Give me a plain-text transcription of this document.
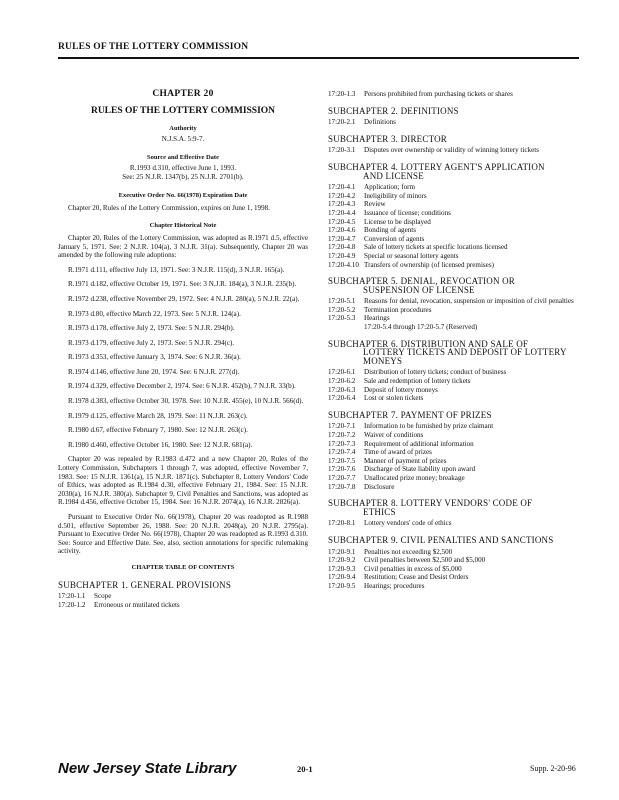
RULES OF THE LOTTERY COMMISSION
CHAPTER 20
RULES OF THE LOTTERY COMMISSION
Authority
N.J.S.A. 5:9-7.
Source and Effective Date
R.1993 d.310, effective June 1, 1993.
See: 25 N.J.R. 1347(b), 25 N.J.R. 2701(b).
Executive Order No. 66(1978) Expiration Date

Chapter 20, Rules of the Lottery Commission, expires on June 1, 1998.

Chapter Historical Note

Chapter 20, Rules of the Lottery Commission, was adopted as R.1971 d.5, effective January 5, 1971. See: 2 N.J.R. 104(a), 3 N.J.R. 31(a). Subsequently, Chapter 20 was amended by the following rule adoptions:

R.1971 d.111, effective July 13, 1971. See: 3 N.J.R. 115(d), 3 N.J.R. 165(a).

R.1971 d.182, effective October 19, 1971. See: 3 N.J.R. 184(a), 3 N.J.R. 235(b).

R.1972 d.238, effective November 29, 1972. See: 4 N.J.R. 280(a), 5 N.J.R. 22(a).

R.1973 d.80, effective March 22, 1973. See: 5 N.J.R. 124(a).

R.1973 d.178, effective July 2, 1973. See: 5 N.J.R. 294(b).

R.1973 d.179, effective July 2, 1973. See: 5 N.J.R. 294(c).

R.1973 d.353, effective January 3, 1974. See: 6 N.J.R. 36(a).

R.1974 d.146, effective June 20, 1974. See: 6 N.J.R. 277(d).

R.1974 d.329, effective December 2, 1974. See: 6 N.J.R. 452(b), 7 N.J.R. 33(b).

R.1978 d.383, effective October 30, 1978. See: 10 N.J.R. 455(e), 10 N.J.R. 566(d).

R.1979 d.125, effective March 28, 1979. See: 11 N.J.R. 263(c).

R.1980 d.67, effective February 7, 1980. See: 12 N.J.R. 263(c).

R.1980 d.460, effective October 16, 1980. See: 12 N.J.R. 681(a).

Chapter 20 was repealed by R.1983 d.472 and a new Chapter 20, Rules of the Lottery Commission, Subchapters 1 through 7, was adopted, effective November 7, 1983. See: 15 N.J.R. 1361(a), 15 N.J.R. 1871(c). Subchapter 8, Lottery Vendors' Code of Ethics, was adopted as R.1984 d.30, effective February 21, 1984. See: 15 N.J.R. 2030(a), 16 N.J.R. 380(a). Subchapter 9, Civil Penalties and Sanctions, was adopted as R.1984 d.456, effective October 15, 1984. See: 16 N.J.R. 2074(a), 16 N.J.R. 2826(a).

Pursuant to Executive Order No. 66(1978), Chapter 20 was readopted as R.1988 d.501, effective September 26, 1988. See: 20 N.J.R. 2048(a), 20 N.J.R. 2795(a). Pursuant to Executive Order No. 66(1978), Chapter 20 was readopted as R.1993 d.310. See: Source and Effective Date. See, also, section annotations for specific rulemaking activity.

CHAPTER TABLE OF CONTENTS
SUBCHAPTER 1. GENERAL PROVISIONS
17:20-1.1	Scope
17:20-1.2	Erroneous or mutilated tickets
17:20-1.3	Persons prohibited from purchasing tickets or shares
SUBCHAPTER 2. DEFINITIONS
17:20-2.1	Definitions
SUBCHAPTER 3. DIRECTOR
17:20-3.1	Disputes over ownership or validity of winning lottery tickets
SUBCHAPTER 4. LOTTERY AGENT'S APPLICATION
AND LICENSE
17:20-4.1	Application; form
17:20-4.2	Ineligibility of minors
17:20-4.3	Review
17:20-4.4	Issuance of license; conditions
17:20-4.5	License to be displayed
17:20-4.6	Bonding of agents
17:20-4.7	Conversion of agents
17:20-4.8	Sale of lottery tickets at specific locations licensed
17:20-4.9	Special or seasonal lottery agents
17:20-4.10 Transfers of ownership (of licensed premises)
SUBCHAPTER 5. DENIAL, REVOCATION OR
SUSPENSION OF LICENSE
17:20-5.1	Reasons for denial, revocation, suspension or imposition of civil penalties
17:20-5.2	Termination procedures
17:20-5.3	Hearings
17:20-5.4 through 17:20-5.7 (Reserved)
SUBCHAPTER 6. DISTRIBUTION AND SALE OF
LOTTERY TICKETS AND DEPOSIT OF LOTTERY MONEYS
17:20-6.1	Distribution of lottery tickets; conduct of business
17:20-6.2	Sale and redemption of lottery tickets
17:20-6.3	Deposit of lottery moneys
17:20-6.4	Lost or stolen tickets
SUBCHAPTER 7. PAYMENT OF PRIZES
17:20-7.1	Information to be furnished by prize claimant
17:20-7.2	Waiver of conditions
17:20-7.3	Requirement of additional information
17:20-7.4	Time of award of prizes
17:20-7.5	Manner of payment of prizes
17:20-7.6	Discharge of State liability upon award
17:20-7.7	Unallocated prize money; breakage
17:20-7.8	Disclosure
SUBCHAPTER 8. LOTTERY VENDORS' CODE OF
ETHICS
17:20-8.1	Lottery vendors' code of ethics
SUBCHAPTER 9. CIVIL PENALTIES AND SANCTIONS
17:20-9.1	Penalties not exceeding $2,500
17:20-9.2	Civil penalties between $2,500 and $5,000
17:20-9.3	Civil penalties in excess of $5,000
17:20-9.4	Restitution; Cease and Desist Orders
17:20-9.5	Hearings; procedures
New Jersey State Library	20-1	Supp. 2-20-96
